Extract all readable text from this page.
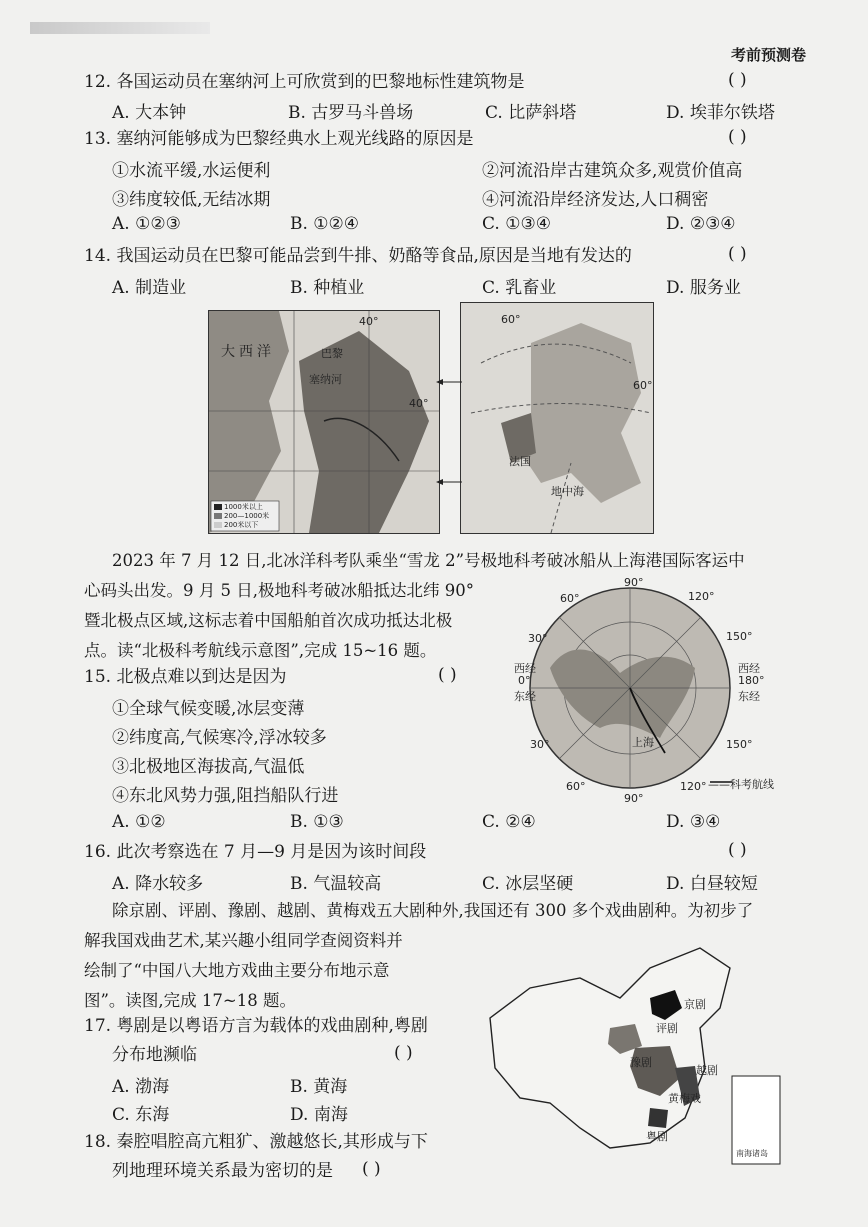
考前预测卷
12. 各国运动员在塞纳河上可欣赏到的巴黎地标性建筑物是	( )
A. 大本钟	B. 古罗马斗兽场	C. 比萨斜塔	D. 埃菲尔铁塔
13. 塞纳河能够成为巴黎经典水上观光线路的原因是	( )
①水流平缓,水运便利	②河流沿岸古建筑众多,观赏价值高
③纬度较低,无结冰期	④河流沿岸经济发达,人口稠密
A. ①②③	B. ①②④	C. ①③④	D. ②③④
14. 我国运动员在巴黎可能品尝到牛排、奶酪等食品,原因是当地有发达的	( )
A. 制造业	B. 种植业	C. 乳畜业	D. 服务业
大 西 洋
40°
巴黎
塞纳河
40°
1000米以上
200—1000米
200米以下
60°
60°
法国
地中海
2023 年 7 月 12 日,北冰洋科考队乘坐“雪龙 2”号极地科考破冰船从上海港国际客运中
心码头出发。9 月 5 日,极地科考破冰船抵达北纬 90°
暨北极点区域,这标志着中国船舶首次成功抵达北极
点。读“北极科考航线示意图”,完成 15~16 题。
90°
120°
60°
150°
30°
西经
0°
东经
西经
180°
东经
30°	150°
60°	120°
上海
90°
——科考航线
15. 北极点难以到达是因为	( )
①全球气候变暖,冰层变薄
②纬度高,气候寒冷,浮冰较多
③北极地区海拔高,气温低
④东北风势力强,阻挡船队行进
A. ①②	B. ①③	C. ②④	D. ③④
16. 此次考察选在 7 月—9 月是因为该时间段	( )
A. 降水较多	B. 气温较高	C. 冰层坚硬	D. 白昼较短
除京剧、评剧、豫剧、越剧、黄梅戏五大剧种外,我国还有 300 多个戏曲剧种。为初步了
解我国戏曲艺术,某兴趣小组同学查阅资料并
绘制了“中国八大地方戏曲主要分布地示意
图”。读图,完成 17~18 题。	京剧
评剧
豫剧
黄梅戏
越剧
粤剧
南海诸岛
17. 粤剧是以粤语方言为载体的戏曲剧种,粤剧
分布地濒临	( )
A. 渤海	B. 黄海
C. 东海	D. 南海
18. 秦腔唱腔高亢粗犷、激越悠长,其形成与下
列地理环境关系最为密切的是 ( )
